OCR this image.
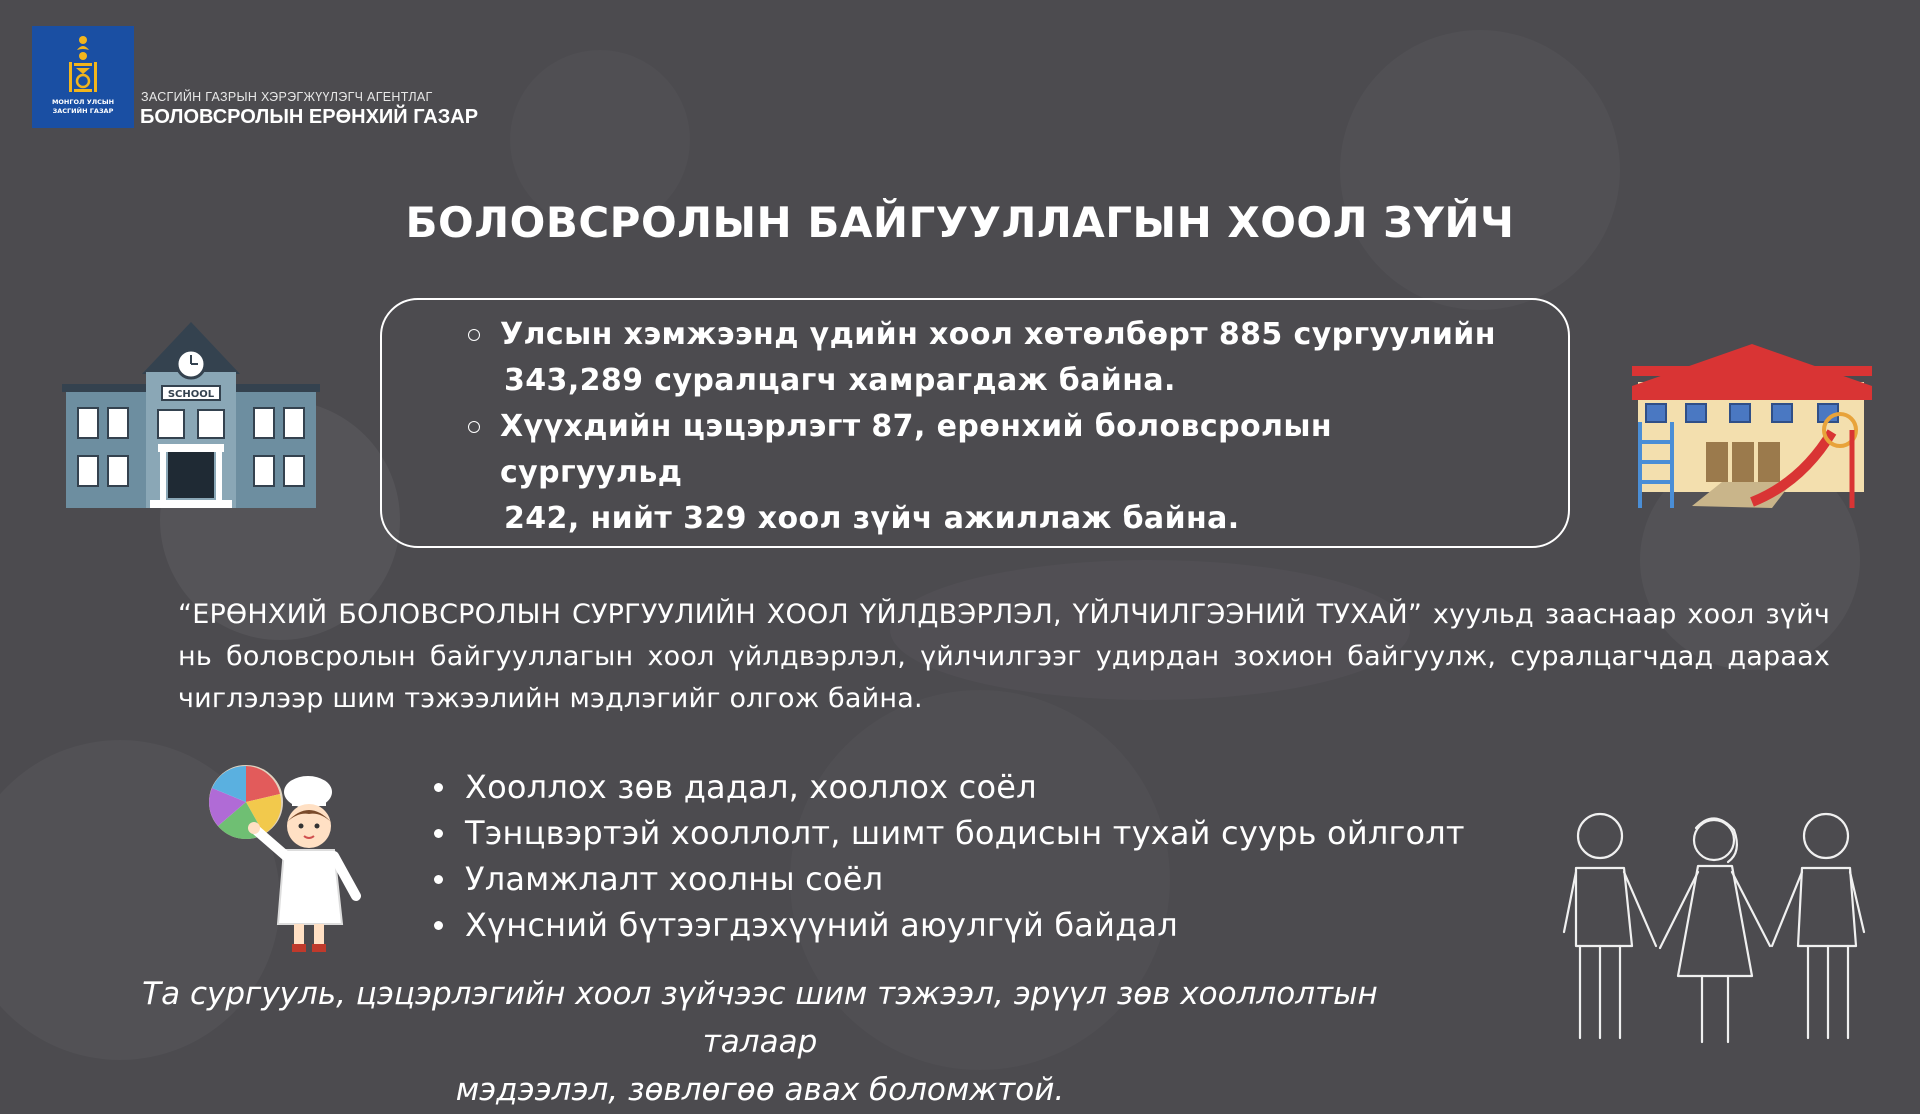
МОНГОЛ УЛСЫН
ЗАСГИЙН ГАЗАР
ЗАСГИЙН ГАЗРЫН ХЭРЭГЖҮҮЛЭГЧ АГЕНТЛАГ
БОЛОВСРОЛЫН ЕРӨНХИЙ ГАЗАР
БОЛОВСРОЛЫН БАЙГУУЛЛАГЫН ХООЛ ЗҮЙЧ
Улсын хэмжээнд үдийн хоол хөтөлбөрт 885 сургуулийн
343,289 суралцагч хамрагдаж байна.
Хүүхдийн цэцэрлэгт 87, ерөнхий боловсролын сургуульд
242, нийт 329 хоол зүйч ажиллаж байна.
SCHOOL
“ЕРӨНХИЙ БОЛОВСРОЛЫН СУРГУУЛИЙН ХООЛ ҮЙЛДВЭРЛЭЛ, ҮЙЛЧИЛГЭЭНИЙ ТУХАЙ” хуульд зааснаар хоол зүйч нь боловсролын байгууллагын хоол үйлдвэрлэл, үйлчилгээг удирдан зохион байгуулж, суралцагчдад дараах чиглэлээр шим тэжээлийн мэдлэгийг олгож байна.
Хооллох зөв дадал, хооллох соёл
Тэнцвэртэй хооллолт, шимт бодисын тухай суурь ойлголт
Уламжлалт хоолны соёл
Хүнсний бүтээгдэхүүний аюулгүй байдал
Та сургууль, цэцэрлэгийн хоол зүйчээс шим тэжээл, эрүүл зөв хооллолтын талаар
мэдээлэл, зөвлөгөө авах боломжтой.
